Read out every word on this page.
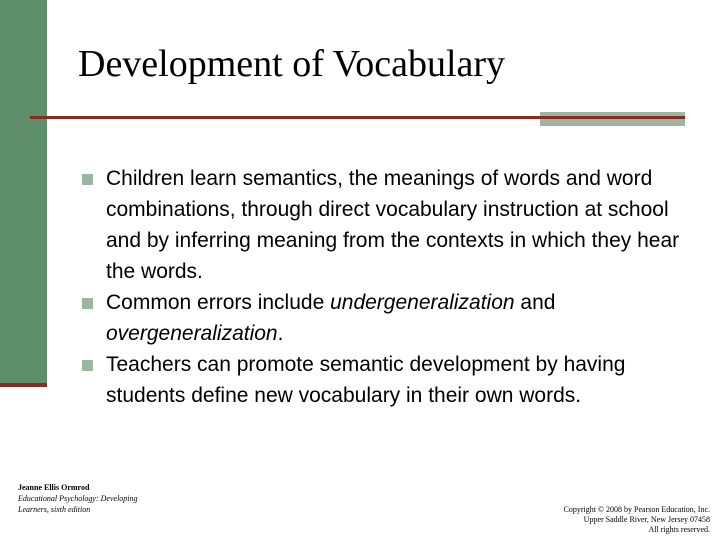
Development of Vocabulary
Children learn semantics, the meanings of words and word combinations, through direct vocabulary instruction at school and by inferring meaning from the contexts in which they hear the words.
Common errors include undergeneralization and overgeneralization.
Teachers can promote semantic development by having students define new vocabulary in their own words.
Jeanne Ellis Ormrod
Educational Psychology: Developing
Learners, sixth edition	Copyright © 2008 by Pearson Education, Inc.
Upper Saddle River, New Jersey 07458
All rights reserved.
